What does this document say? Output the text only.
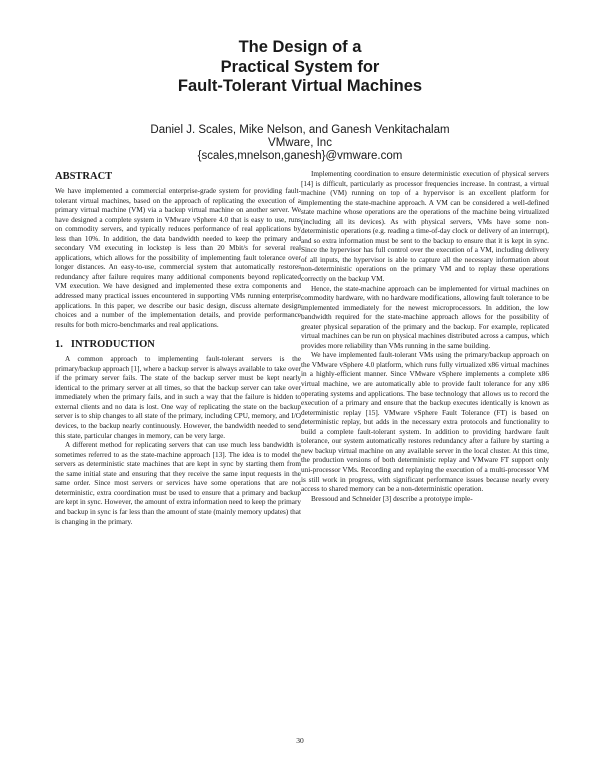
The Design of a
Practical System for
Fault-Tolerant Virtual Machines
Daniel J. Scales, Mike Nelson, and Ganesh Venkitachalam
VMware, Inc
{scales,mnelson,ganesh}@vmware.com
ABSTRACT

We have implemented a commercial enterprise-grade system for providing fault-tolerant virtual machines, based on the approach of replicating the execution of a primary virtual machine (VM) via a backup virtual machine on another server. We have designed a complete system in VMware vSphere 4.0 that is easy to use, runs on commodity servers, and typically reduces performance of real applications by less than 10%. In addition, the data bandwidth needed to keep the primary and secondary VM executing in lockstep is less than 20 Mbit/s for several real applications, which allows for the possibility of implementing fault tolerance over longer distances. An easy-to-use, commercial system that automatically restores redundancy after failure requires many additional components beyond replicated VM execution. We have designed and implemented these extra components and addressed many practical issues encountered in supporting VMs running enterprise applications. In this paper, we describe our basic design, discuss alternate design choices and a number of the implementation details, and provide performance results for both micro-benchmarks and real applications.

1. INTRODUCTION

A common approach to implementing fault-tolerant servers is the primary/backup approach [1], where a backup server is always available to take over if the primary server fails. The state of the backup server must be kept nearly identical to the primary server at all times, so that the backup server can take over immediately when the primary fails, and in such a way that the failure is hidden to external clients and no data is lost. One way of replicating the state on the backup server is to ship changes to all state of the primary, including CPU, memory, and I/O devices, to the backup nearly continuously. However, the bandwidth needed to send this state, particular changes in memory, can be very large.

A different method for replicating servers that can use much less bandwidth is sometimes referred to as the state-machine approach [13]. The idea is to model the servers as deterministic state machines that are kept in sync by starting them from the same initial state and ensuring that they receive the same input requests in the same order. Since most servers or services have some operations that are not deterministic, extra coordination must be used to ensure that a primary and backup are kept in sync. However, the amount of extra information need to keep the primary and backup in sync is far less than the amount of state (mainly memory updates) that is changing in the primary.

Implementing coordination to ensure deterministic execution of physical servers [14] is difficult, particularly as processor frequencies increase. In contrast, a virtual machine (VM) running on top of a hypervisor is an excellent platform for implementing the state-machine approach. A VM can be considered a well-defined state machine whose operations are the operations of the machine being virtualized (including all its devices). As with physical servers, VMs have some non-deterministic operations (e.g. reading a time-of-day clock or delivery of an interrupt), and so extra information must be sent to the backup to ensure that it is kept in sync. Since the hypervisor has full control over the execution of a VM, including delivery of all inputs, the hypervisor is able to capture all the necessary information about non-deterministic operations on the primary VM and to replay these operations correctly on the backup VM.

Hence, the state-machine approach can be implemented for virtual machines on commodity hardware, with no hardware modifications, allowing fault tolerance to be implemented immediately for the newest microprocessors. In addition, the low bandwidth required for the state-machine approach allows for the possibility of greater physical separation of the primary and the backup. For example, replicated virtual machines can be run on physical machines distributed across a campus, which provides more reliability than VMs running in the same building.

We have implemented fault-tolerant VMs using the primary/backup approach on the VMware vSphere 4.0 platform, which runs fully virtualized x86 virtual machines in a highly-efficient manner. Since VMware vSphere implements a complete x86 virtual machine, we are automatically able to provide fault tolerance for any x86 operating systems and applications. The base technology that allows us to record the execution of a primary and ensure that the backup executes identically is known as deterministic replay [15]. VMware vSphere Fault Tolerance (FT) is based on deterministic replay, but adds in the necessary extra protocols and functionality to build a complete fault-tolerant system. In addition to providing hardware fault tolerance, our system automatically restores redundancy after a failure by starting a new backup virtual machine on any available server in the local cluster. At this time, the production versions of both deterministic replay and VMware FT support only uni-processor VMs. Recording and replaying the execution of a multi-processor VM is still work in progress, with significant performance issues because nearly every access to shared memory can be a non-deterministic operation.

Bressoud and Schneider [3] describe a prototype imple-

30
